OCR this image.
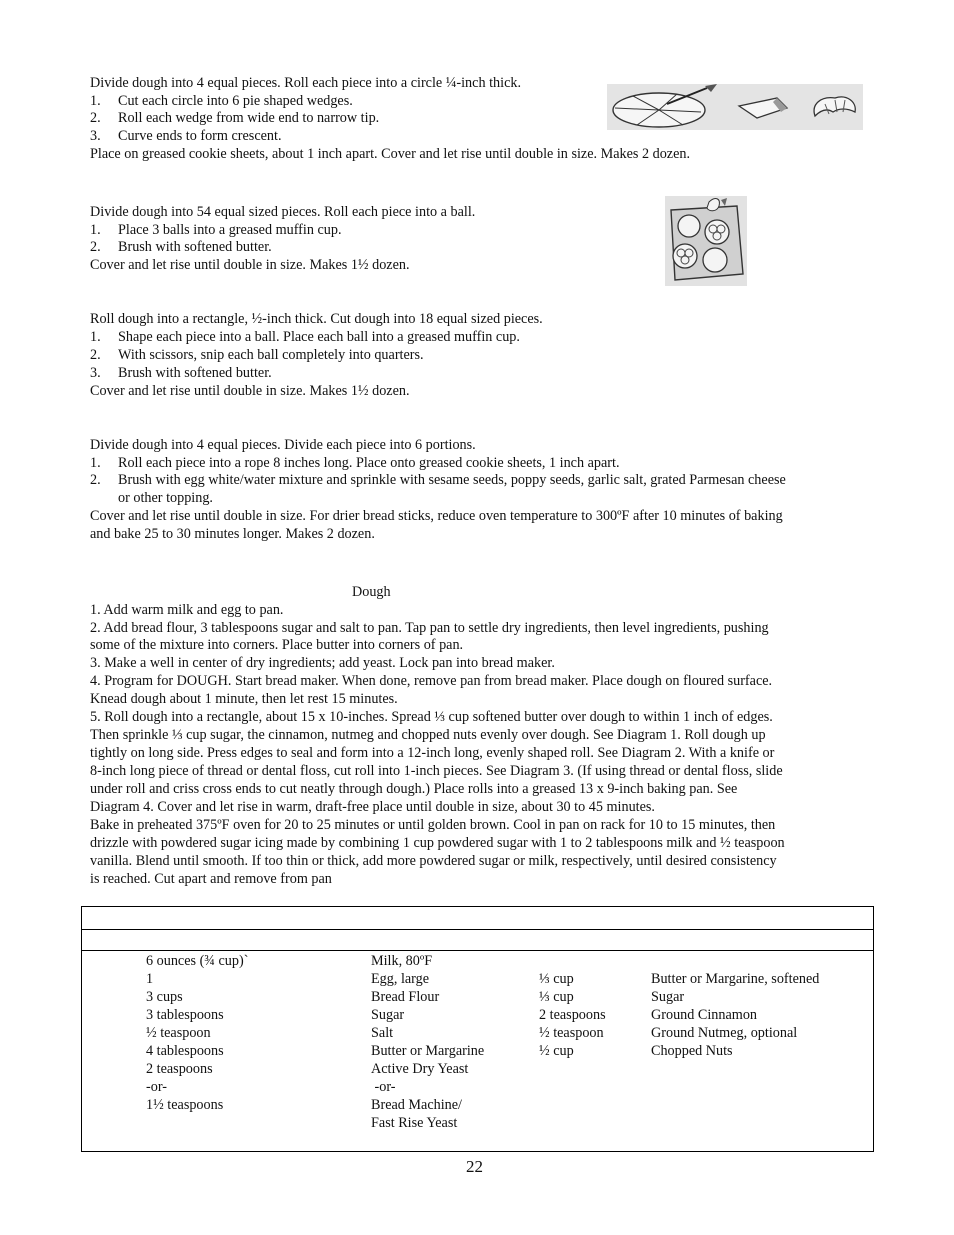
Divide dough into 4 equal pieces. Roll each piece into a circle ¼-inch thick.
1. Cut each circle into 6 pie shaped wedges.
2. Roll each wedge from wide end to narrow tip.
3. Curve ends to form crescent.
Place on greased cookie sheets, about 1 inch apart. Cover and let rise until double in size. Makes 2 dozen.
Divide dough into 54 equal sized pieces. Roll each piece into a ball.
1. Place 3 balls into a greased muffin cup.
2. Brush with softened butter.
Cover and let rise until double in size. Makes 1½ dozen.
Roll dough into a rectangle, ½-inch thick. Cut dough into 18 equal sized pieces.
1. Shape each piece into a ball. Place each ball into a greased muffin cup.
2. With scissors, snip each ball completely into quarters.
3. Brush with softened butter.
Cover and let rise until double in size. Makes 1½ dozen.
Divide dough into 4 equal pieces. Divide each piece into 6 portions.
1. Roll each piece into a rope 8 inches long. Place onto greased cookie sheets, 1 inch apart.
2. Brush with egg white/water mixture and sprinkle with sesame seeds, poppy seeds, garlic salt, grated Parmesan cheese
or other topping.
Cover and let rise until double in size. For drier bread sticks, reduce oven temperature to 300ºF after 10 minutes of baking
and bake 25 to 30 minutes longer. Makes 2 dozen.
Dough
1. Add warm milk and egg to pan.
2. Add bread flour, 3 tablespoons sugar and salt to pan. Tap pan to settle dry ingredients, then level ingredients, pushing
some of the mixture into corners. Place butter into corners of pan.
3. Make a well in center of dry ingredients; add yeast. Lock pan into bread maker.
4. Program for DOUGH. Start bread maker. When done, remove pan from bread maker. Place dough on floured surface.
Knead dough about 1 minute, then let rest 15 minutes.
5. Roll dough into a rectangle, about 15 x 10-inches. Spread ⅓ cup softened butter over dough to within 1 inch of edges.
Then sprinkle ⅓ cup sugar, the cinnamon, nutmeg and chopped nuts evenly over dough. See Diagram 1. Roll dough up
tightly on long side. Press edges to seal and form into a 12-inch long, evenly shaped roll. See Diagram 2. With a knife or
8-inch long piece of thread or dental floss, cut roll into 1-inch pieces. See Diagram 3. (If using thread or dental floss, slide
under roll and criss cross ends to cut neatly through dough.) Place rolls into a greased 13 x 9-inch baking pan. See
Diagram 4. Cover and let rise in warm, draft-free place until double in size, about 30 to 45 minutes.
Bake in preheated 375ºF oven for 20 to 25 minutes or until golden brown. Cool in pan on rack for 10 to 15 minutes, then
drizzle with powdered sugar icing made by combining 1 cup powdered sugar with 1 to 2 tablespoons milk and ½ teaspoon
vanilla. Blend until smooth. If too thin or thick, add more powdered sugar or milk, respectively, until desired consistency
is reached. Cut apart and remove from pan
6 ounces (¾ cup)`
1
3 cups
3 tablespoons
½ teaspoon
4 tablespoons
2 teaspoons
-or-
1½ teaspoons
Milk, 80ºF
Egg, large
Bread Flour
Sugar
Salt
Butter or Margarine
Active Dry Yeast
-or-
Bread Machine/
Fast Rise Yeast
⅓ cup
⅓ cup
2 teaspoons
½ teaspoon
½ cup
Butter or Margarine, softened
Sugar
Ground Cinnamon
Ground Nutmeg, optional
Chopped Nuts
22
